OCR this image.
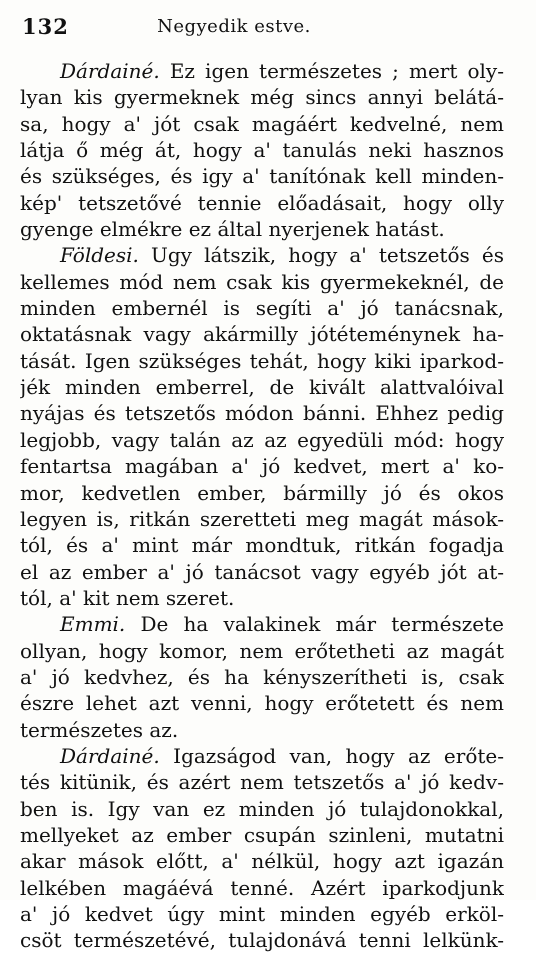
132	Negyedik estve.
Dárdainé. Ez igen természetes ; mert oly-
lyan kis gyermeknek még sincs annyi belátá-
sa, hogy a' jót csak magáért kedvelné, nem
látja ő még át, hogy a' tanulás neki hasznos
és szükséges, és igy a' tanítónak kell minden-
kép' tetszetővé tennie előadásait, hogy olly
gyenge elmékre ez által nyerjenek hatást.
Földesi. Ugy látszik, hogy a' tetszetős és
kellemes mód nem csak kis gyermekeknél, de
minden embernél is segíti a' jó tanácsnak,
oktatásnak vagy akármilly jótéteménynek ha-
tását. Igen szükséges tehát, hogy kiki iparkod-
jék minden emberrel, de kivált alattvalóival
nyájas és tetszetős módon bánni. Ehhez pedig
legjobb, vagy talán az az egyedüli mód: hogy
fentartsa magában a' jó kedvet, mert a' ko-
mor, kedvetlen ember, bármilly jó és okos
legyen is, ritkán szeretteti meg magát mások-
tól, és a' mint már mondtuk, ritkán fogadja
el az ember a' jó tanácsot vagy egyéb jót at-
tól, a' kit nem szeret.
Emmi. De ha valakinek már természete
ollyan, hogy komor, nem erőtetheti az magát
a' jó kedvhez, és ha kényszerítheti is, csak
észre lehet azt venni, hogy erőtetett és nem
természetes az.
Dárdainé. Igazságod van, hogy az erőte-
tés kitünik, és azért nem tetszetős a' jó kedv-
ben is. Igy van ez minden jó tulajdonokkal,
mellyeket az ember csupán szinleni, mutatni
akar mások előtt, a' nélkül, hogy azt igazán
lelkében magáévá tenné. Azért iparkodjunk
a' jó kedvet úgy mint minden egyéb erköl-
csöt természetévé, tulajdonává tenni lelkünk-
